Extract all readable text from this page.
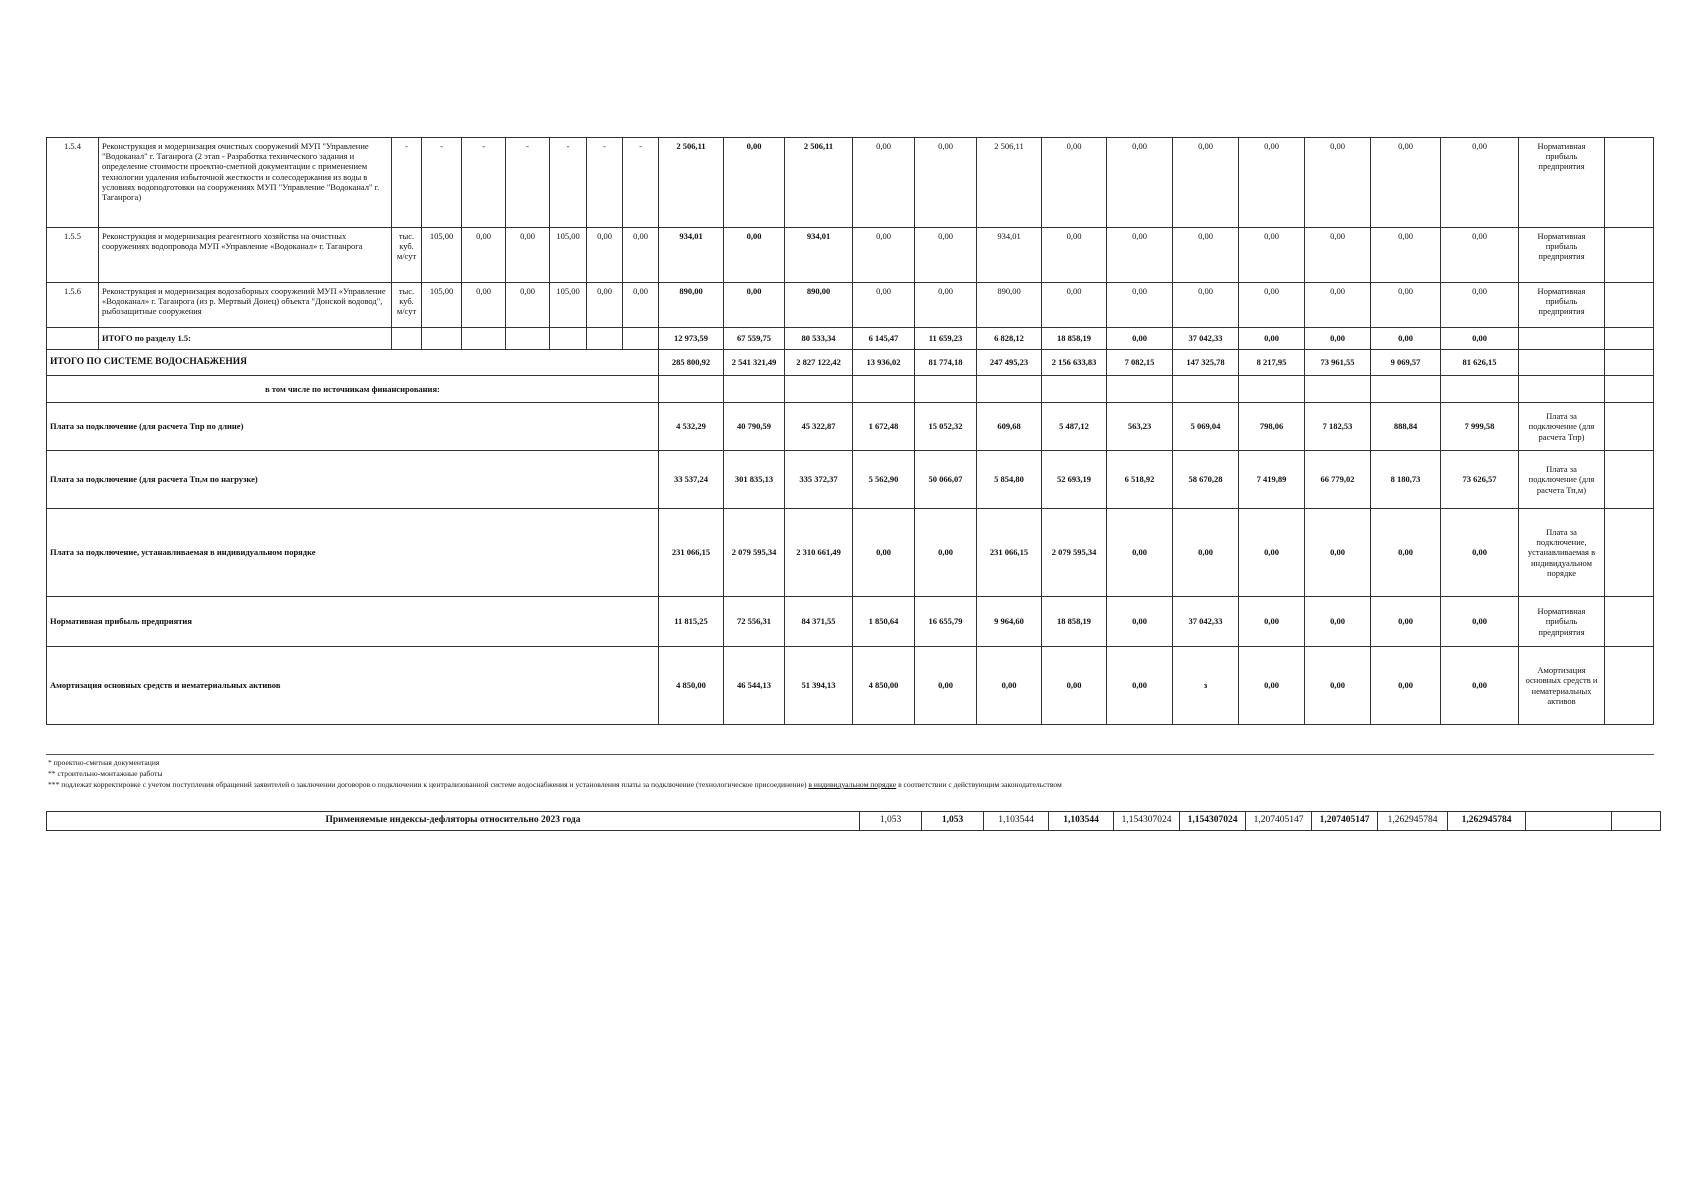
1.5.4	Реконструкция и модернизация очистных сооружений МУП "Управление "Водоканал" г. Таганрога (2 этап - Разработка технического задания и определение стоимости проектно-сметной документации с применением технологии удаления избыточной жесткости и солесодержания из воды в условиях водоподготовки на сооружениях МУП "Управление "Водоканал" г. Таганрога)	-	-	-	-	-	-	-	2 506,11	0,00	2 506,11	0,00	0,00	2 506,11	0,00	0,00	0,00	0,00	0,00	0,00	0,00	Нормативная прибыль предприятия	
1.5.5	Реконструкция и модернизация реагентного хозяйства на очистных сооружениях водопровода МУП «Управление «Водоканал» г. Таганрога	тыс. куб. м/сут	105,00	0,00	0,00	105,00	0,00	0,00	934,01	0,00	934,01	0,00	0,00	934,01	0,00	0,00	0,00	0,00	0,00	0,00	0,00	Нормативная прибыль предприятия	
1.5.6	Реконструкция и модернизация водозаборных сооружений МУП «Управление «Водоканал» г. Таганрога (из р. Мертвый Донец) объекта "Донской водовод", рыбозащитные сооружения	тыс. куб. м/сут	105,00	0,00	0,00	105,00	0,00	0,00	890,00	0,00	890,00	0,00	0,00	890,00	0,00	0,00	0,00	0,00	0,00	0,00	0,00	Нормативная прибыль предприятия	
	ИТОГО по разделу 1.5:								12 973,59	67 559,75	80 533,34	6 145,47	11 659,23	6 828,12	18 858,19	0,00	37 042,33	0,00	0,00	0,00	0,00		
ИТОГО ПО СИСТЕМЕ ВОДОСНАБЖЕНИЯ									285 800,92	2 541 321,49	2 827 122,42	13 936,02	81 774,18	247 495,23	2 156 633,83	7 082,15	147 325,78	8 217,95	73 961,55	9 069,57	81 626,15		
в том числе по источникам финансирования:																							
Плата за подключение (для расчета Тпр по длине)									4 532,29	40 790,59	45 322,87	1 672,48	15 052,32	609,68	5 487,12	563,23	5 069,04	798,06	7 182,53	888,84	7 999,58	Плата за подключение (для расчета Тпр)	
Плата за подключение (для расчета Тп,м по нагрузке)									33 537,24	301 835,13	335 372,37	5 562,90	50 066,07	5 854,80	52 693,19	6 518,92	58 670,28	7 419,89	66 779,02	8 180,73	73 626,57	Плата за подключение (для расчета Тп,м)	
Плата за подключение, устанавливаемая в индивидуальном порядке									231 066,15	2 079 595,34	2 310 661,49	0,00	0,00	231 066,15	2 079 595,34	0,00	0,00	0,00	0,00	0,00	0,00	Плата за подключение, устанавливаемая в индивидуальном порядке	
Нормативная прибыль предприятия									11 815,25	72 556,31	84 371,55	1 850,64	16 655,79	9 964,60	18 858,19	0,00	37 042,33	0,00	0,00	0,00	0,00	Нормативная прибыль предприятия	
Амортизация основных средств и нематериальных активов									4 850,00	46 544,13	51 394,13	4 850,00	0,00	0,00	0,00	0,00	з	0,00	0,00	0,00	0,00	Амортизация основных средств и нематериальных активов	
* проектно-сметная документация
** строительно-монтажные работы
*** подлежат корректировке с учетом поступления обращений заявителей о заключении договоров о подключении к централизованной системе водоснабжения и установления платы за подключение (технологическое присоединение) в индивидуальном порядке в соответствии с действующим законодательством
Применяемые индексы-дефляторы относительно 2023 года	1,053	1,053	1,103544	1,103544	1,154307024	1,154307024	1,207405147	1,207405147	1,262945784	1,262945784		
